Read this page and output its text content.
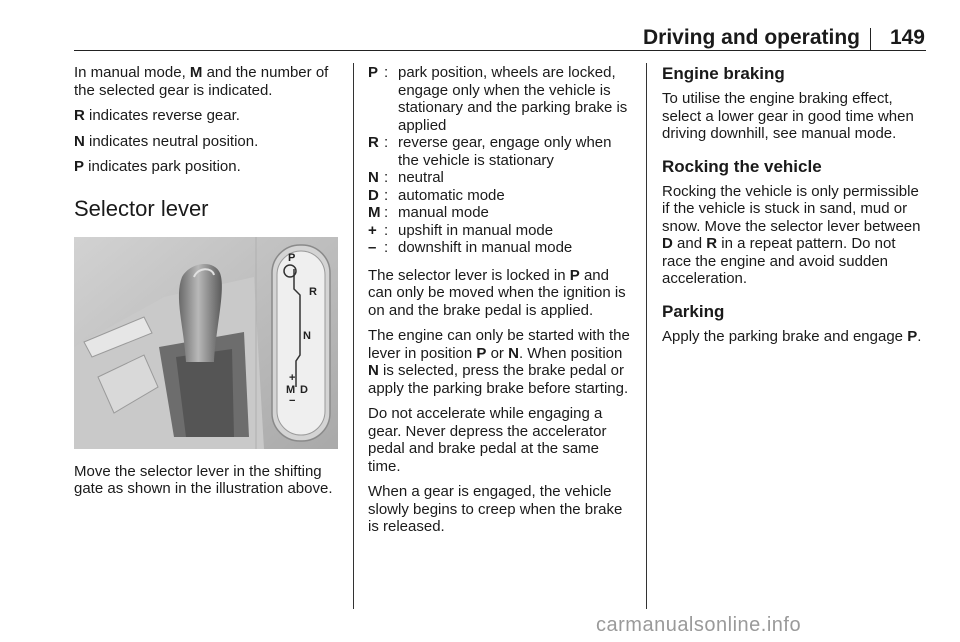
Driving and operating	149

In manual mode, M and the number of the selected gear is indicated.

R indicates reverse gear.

N indicates neutral position.

P indicates park position.

Selector lever
P
R
N
+
M D
−

Move the selector lever in the shifting gate as shown in the illustration above.

P : park position, wheels are locked, engage only when the vehicle is stationary and the parking brake is applied
R : reverse gear, engage only when the vehicle is stationary
N : neutral
D : automatic mode
M : manual mode
+ : upshift in manual mode
– : downshift in manual mode

The selector lever is locked in P and can only be moved when the ignition is on and the brake pedal is applied.

The engine can only be started with the lever in position P or N. When position N is selected, press the brake pedal or apply the parking brake before starting.

Do not accelerate while engaging a gear. Never depress the accelerator pedal and brake pedal at the same time.

When a gear is engaged, the vehicle slowly begins to creep when the brake is released.

Engine braking

To utilise the engine braking effect, select a lower gear in good time when driving downhill, see manual mode.

Rocking the vehicle

Rocking the vehicle is only permissible if the vehicle is stuck in sand, mud or snow. Move the selector lever between D and R in a repeat pattern. Do not race the engine and avoid sudden acceleration.

Parking

Apply the parking brake and engage P.

carmanualsonline.info
